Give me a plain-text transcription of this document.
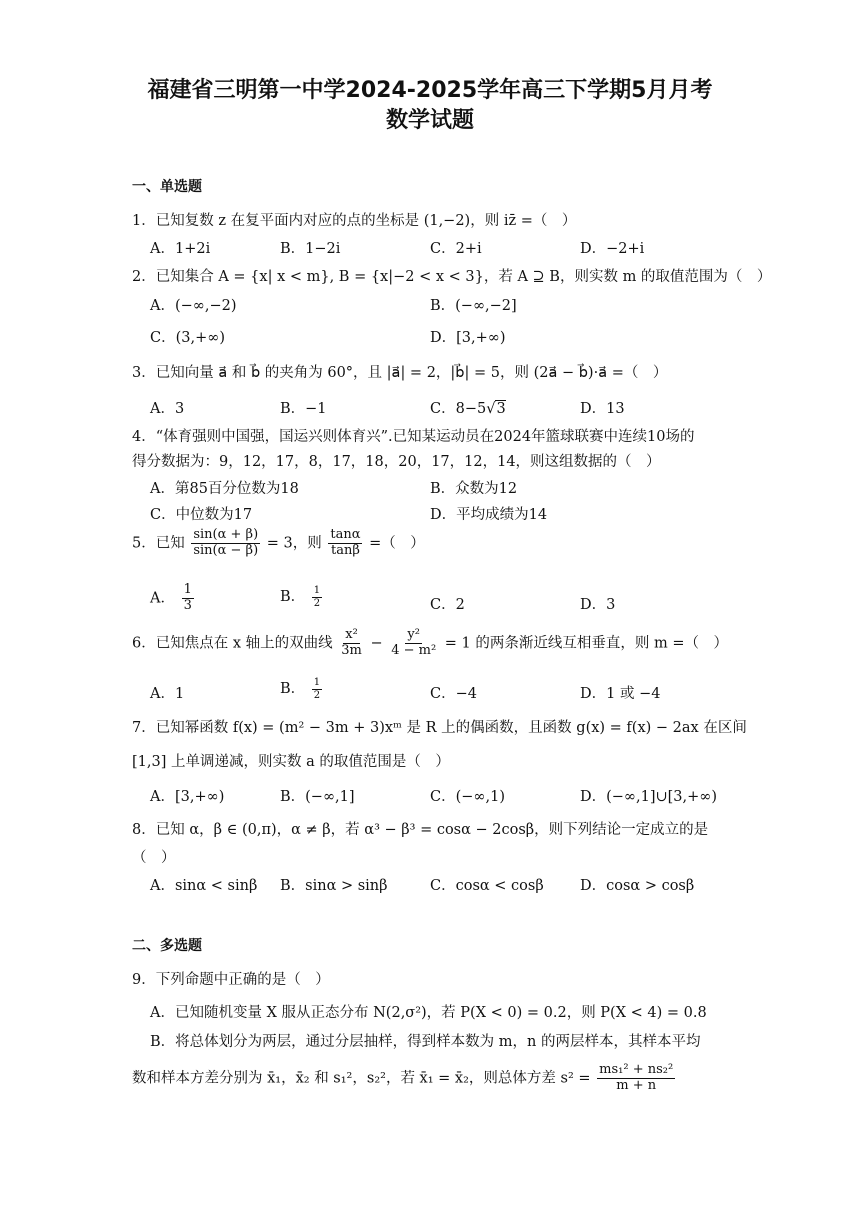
福建省三明第一中学2024-2025学年高三下学期5月月考
数学试题
一、单选题
1．已知复数 z 在复平面内对应的点的坐标是 (1,−2)，则 iz̄ =（　）
A．1+2i	B．1−2i	C．2+i	D．−2+i
2．已知集合 A = {x| x < m}, B = {x|−2 < x < 3}，若 A ⊇ B，则实数 m 的取值范围为（　）
A．(−∞,−2)	B．(−∞,−2]
C．(3,+∞)	D．[3,+∞)
3．已知向量 a⃗ 和 b⃗ 的夹角为 60°，且 |a⃗| = 2，|b⃗| = 5，则 (2a⃗ − b⃗)·a⃗ =（　）
A．3	B．−1	C．8−5√3	D．13
4．“体育强则中国强，国运兴则体育兴”.已知某运动员在2024年篮球联赛中连续10场的
得分数据为：9，12，17，8，17，18，20，17，12，14，则这组数据的（　）
A．第85百分位数为18	B．众数为12
C．中位数为17	D．平均成绩为14
5．已知 $\frac{\sin(\alpha + \beta)}{\sin(\alpha - \beta)} = 3$，则 $\frac{\tan\alpha}{\tan\beta}$ =（　）
A． $\frac{1}{3}$	B． $\frac{1}{2}$	C．2	D．3
6．已知焦点在 x 轴上的双曲线 $\frac{\text{x²}}{3m} - \frac{\text{y²}}{\text{4 − m²}} = 1$ 的两条渐近线互相垂直，则 m =（　）
A．1	B． $\frac{1}{2}$	C．−4	D．1 或 −4
7．已知幂函数 f(x) = (m² − 3m + 3)xᵐ 是 R 上的偶函数，且函数 g(x) = f(x) − 2ax 在区间
[1,3] 上单调递减，则实数 a 的取值范围是（　）
A．[3,+∞)	B．(−∞,1]	C．(−∞,1)	D．(−∞,1]∪[3,+∞)
8．已知 α，β ∈ (0,π)，α ≠ β，若 α³ − β³ = cosα − 2cosβ，则下列结论一定成立的是
（　）
A．sinα < sinβ B．sinα > sinβ	C．cosα < cosβ	D．cosα > cosβ
二、多选题
9．下列命题中正确的是（　）
A．已知随机变量 X 服从正态分布 N(2,σ²)，若 P(X < 0) = 0.2，则 P(X < 4) = 0.8
B．将总体划分为两层，通过分层抽样，得到样本数为 m，n 的两层样本，其样本平均
数和样本方差分别为 x̄₁，x̄₂ 和 s₁²，s₂²，若 x̄₁ = x̄₂，则总体方差 $s^2 = \frac{\text{ms₁² + ns₂²}}{m + n}$
